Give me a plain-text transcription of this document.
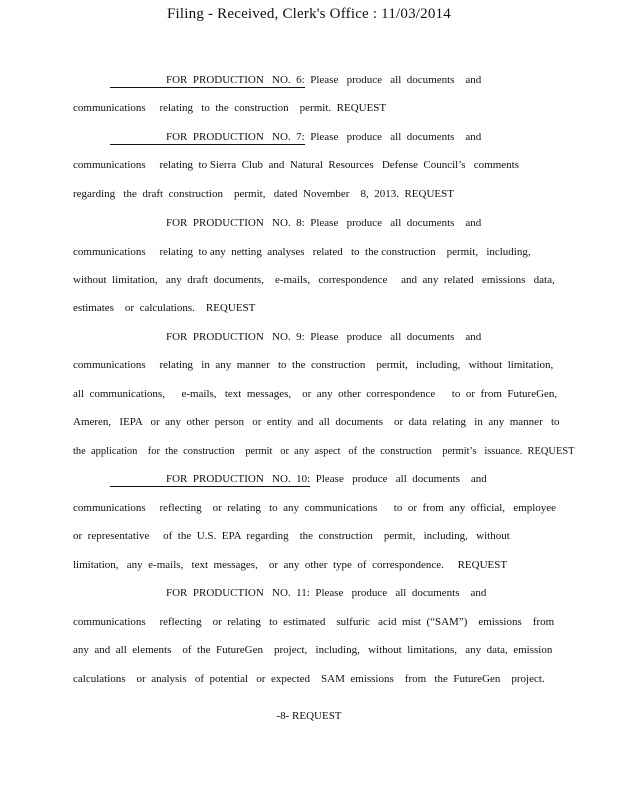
Filing - Received, Clerk's Office : 11/03/2014
FOR  PRODUCTION   NO.  6:  Please   produce   all  documents    and
communications     relating   to  the  construction    permit.  REQUEST
FOR  PRODUCTION   NO.  7:  Please   produce   all  documents    and
communications     relating  to Sierra  Club  and  Natural  Resources   Defense  Council’s   comments
regarding   the  draft  construction    permit,   dated  November    8,  2013.  REQUEST
FOR  PRODUCTION   NO.  8:  Please   produce   all  documents    and
communications     relating  to any  netting  analyses   related   to  the construction    permit,   including,
without  limitation,   any  draft  documents,    e-mails,   correspondence     and  any  related   emissions   data,
estimates    or  calculations.    REQUEST
FOR  PRODUCTION   NO.  9:  Please   produce   all  documents    and
communications     relating   in  any  manner   to  the  construction    permit,   including,   without  limitation,
all  communications,      e-mails,   text  messages,    or  any  other  correspondence      to  or  from  FutureGen,
Ameren,   IEPA   or  any  other  person   or  entity  and  all  documents    or  data  relating   in  any  manner   to
the  application    for  the  construction    permit   or  any  aspect   of  the  construction    permit’s   issuance.  REQUEST
FOR  PRODUCTION   NO.  10:  Please   produce   all  documents    and
communications     reflecting    or  relating   to  any  communications      to  or  from  any  official,   employee
or  representative     of  the  U.S.  EPA  regarding    the  construction    permit,   including,   without
limitation,   any  e-mails,   text  messages,    or  any  other  type  of  correspondence.     REQUEST
FOR  PRODUCTION   NO.  11:  Please   produce   all  documents    and
communications     reflecting    or  relating   to  estimated    sulfuric   acid  mist  (“SAM”)    emissions    from
any  and  all  elements    of  the  FutureGen    project,   including,   without  limitations,   any  data,  emission
calculations    or  analysis   of  potential   or  expected    SAM  emissions    from   the  FutureGen    project.
-8- REQUEST
